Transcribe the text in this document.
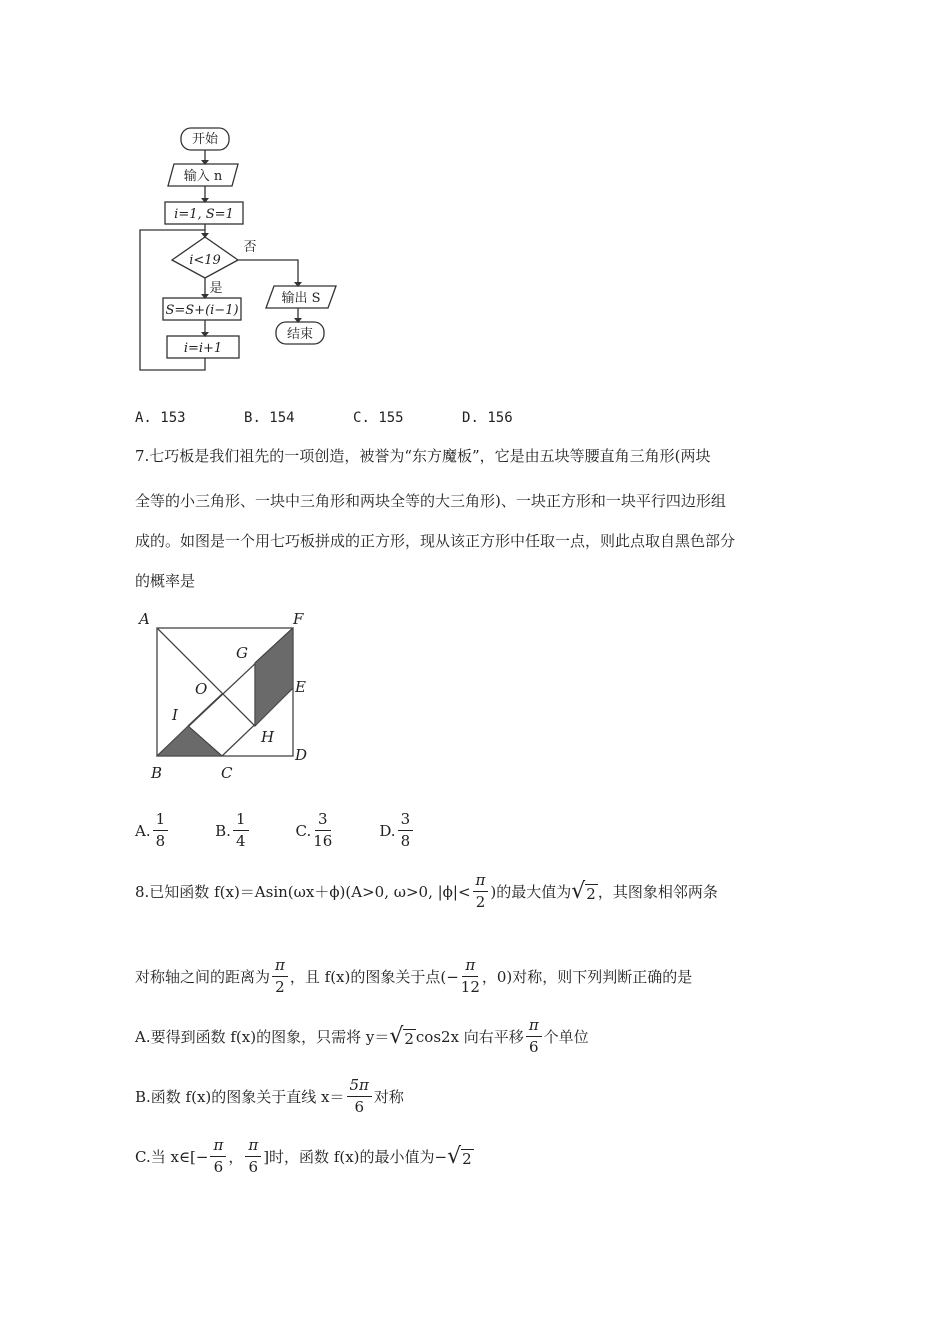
开始
输入 n
i=1, S=1
i<19
是
否
S=S+(i−1)
i=i+1
输出 S
结束
A. 153	B. 154	C. 155	D. 156
7.七巧板是我们祖先的一项创造，被誉为“东方魔板”，它是由五块等腰直角三角形(两块
全等的小三角形、一块中三角形和两块全等的大三角形)、一块正方形和一块平行四边形组
成的。如图是一个用七巧板拼成的正方形，现从该正方形中任取一点，则此点取自黑色部分
的概率是
A	F
G
O	E
I
H
B	C
D
A. $\frac{1}{8}$	B. $\frac{1}{4}$	C. $\frac{3}{16}$	D. $\frac{3}{8}$
8.已知函数 f(x)＝Asin(ωx＋ϕ)(A>0, ω>0, $|\phi|< \frac{\pi}{2}$ )的最大值为 √ 2 ，其图象相邻两条
对称轴之间的距离为 $\frac{\pi}{2}$ ，且 f(x)的图象关于点(− $\frac{\pi}{12}$ ，0)对称，则下列判断正确的是
A.要得到函数 f(x)的图象，只需将 y＝ √ 2 cos2x 向右平移 $\frac{\pi}{6}$ 个单位
B.函数 f(x)的图象关于直线 $x= \frac{5\pi}{6}$ 对称
C.当 x∈[− $\frac{\pi}{6}$ ， $\frac{\pi}{6}$ ]时，函数 f(x)的最小值为− √ 2
